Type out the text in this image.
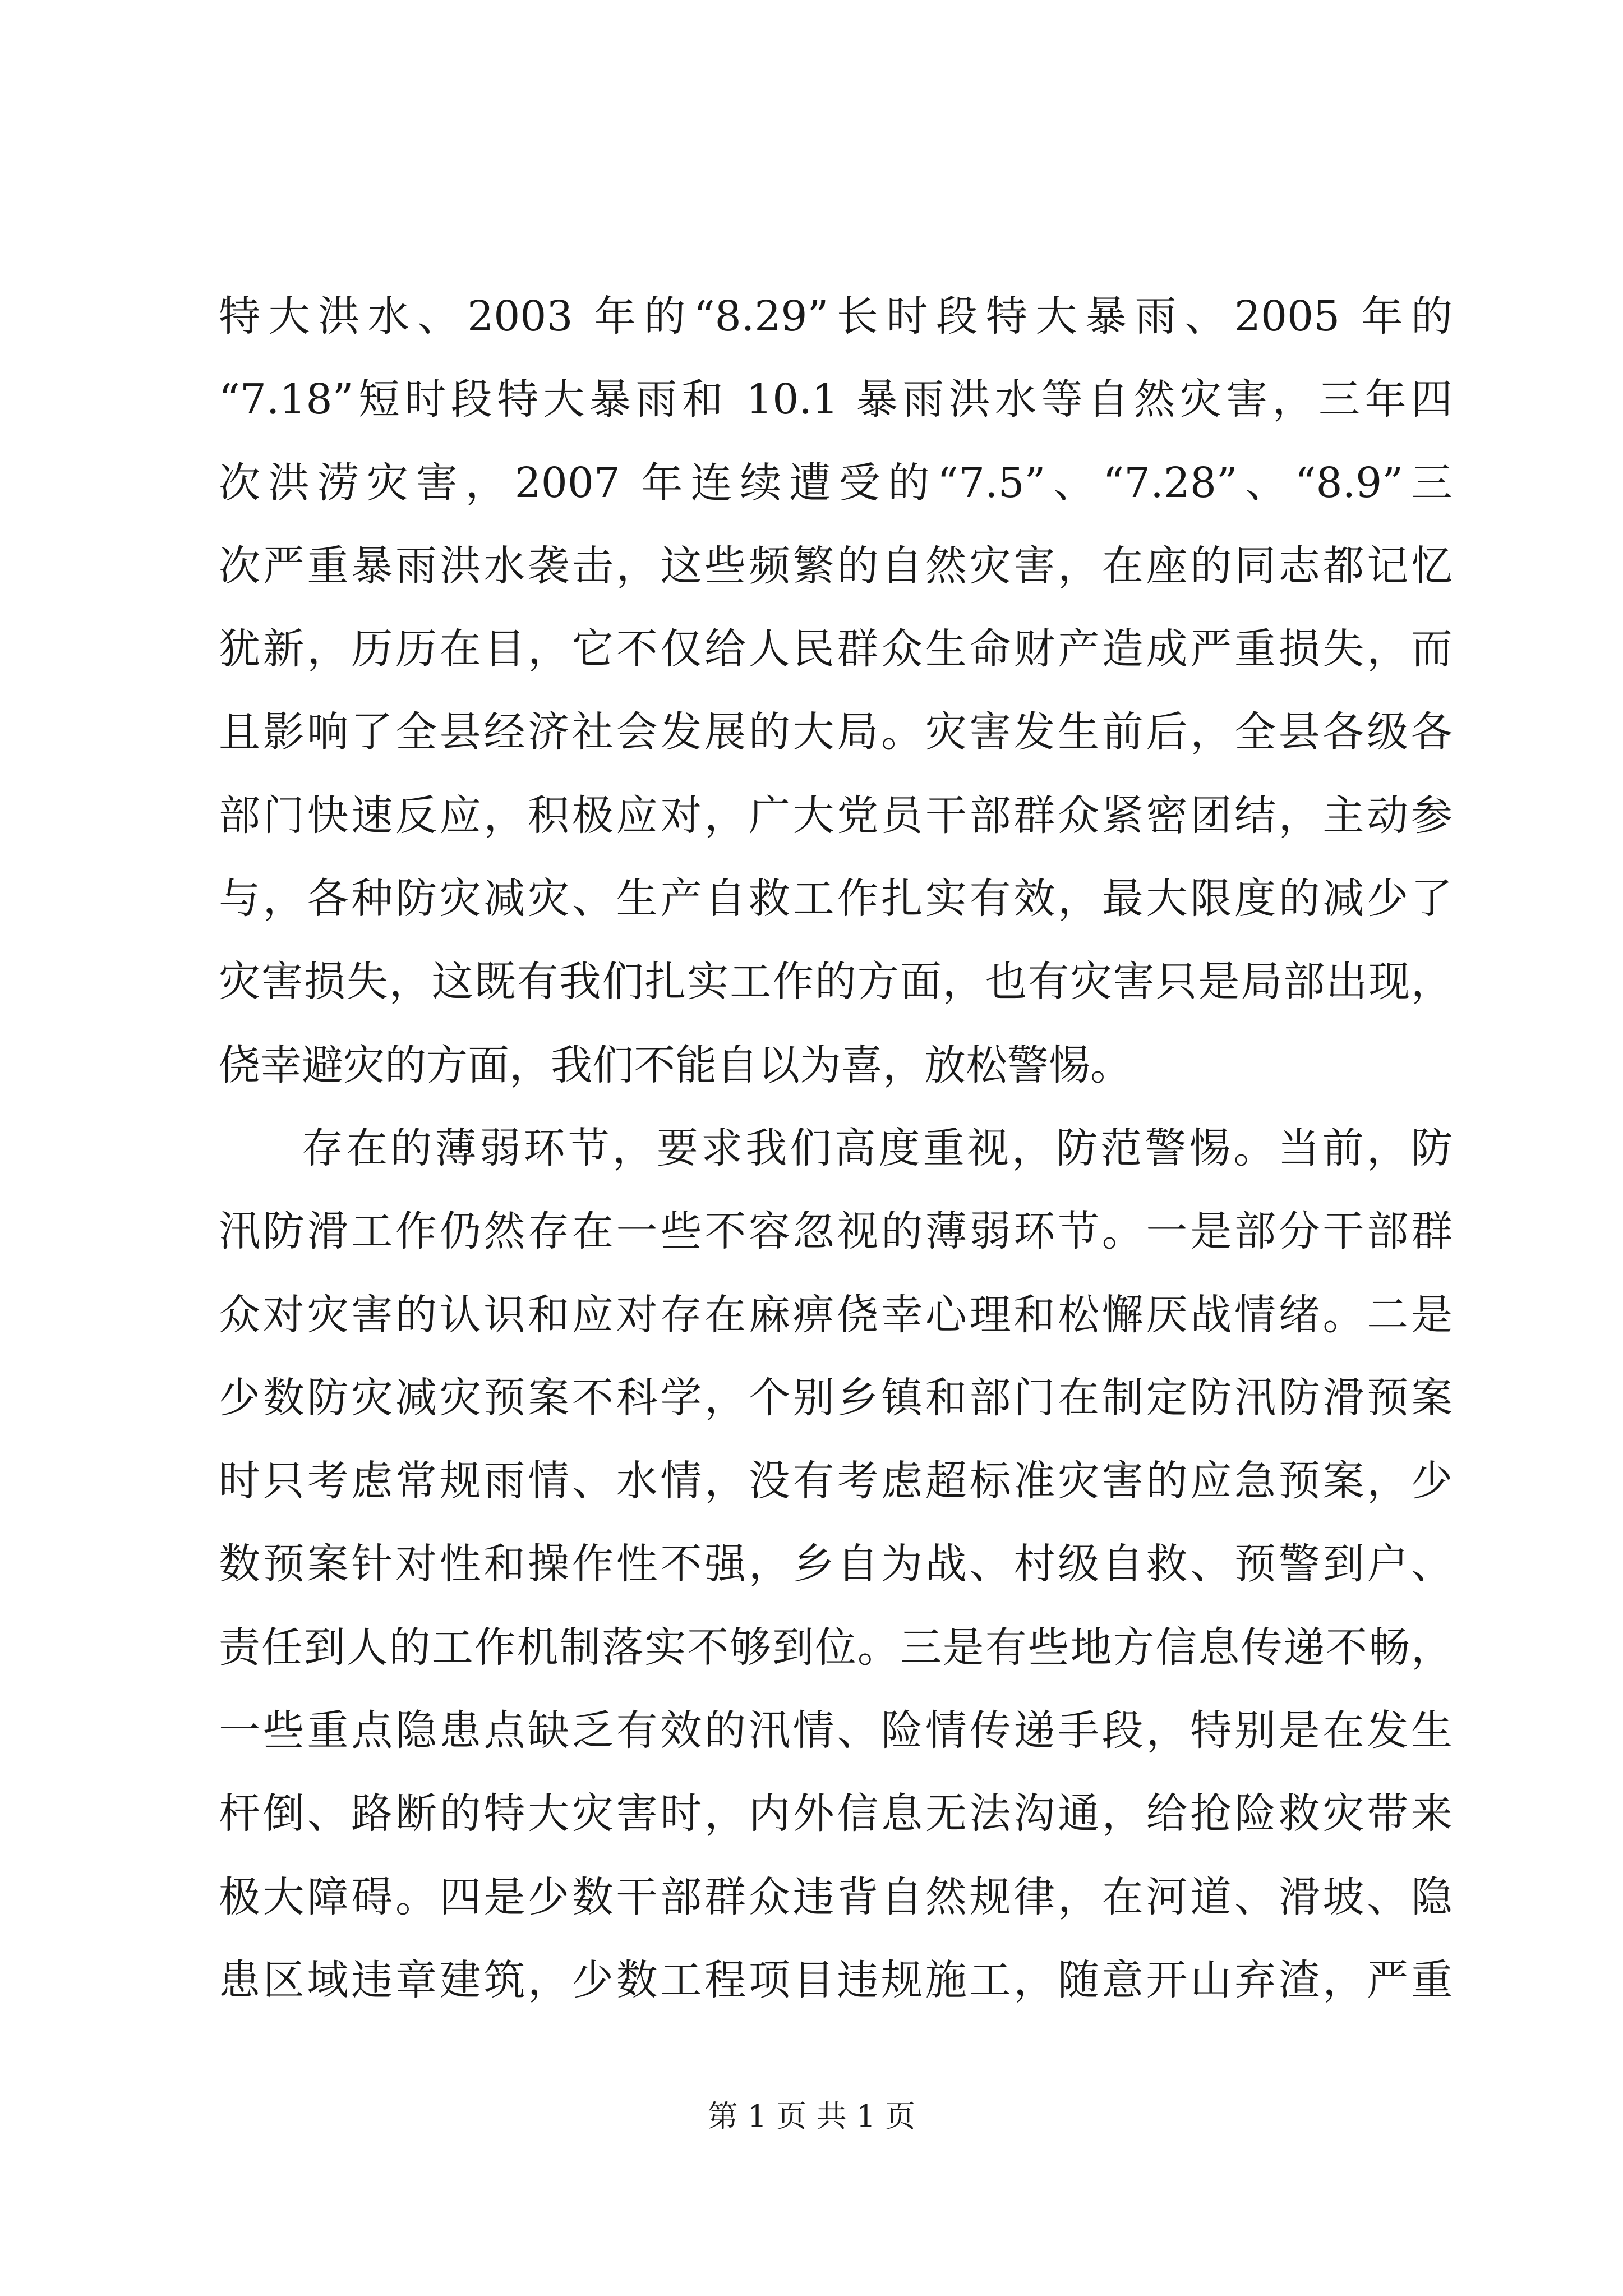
特大洪水、2003 年的“8.29”长时段特大暴雨、2005 年的
“7.18”短时段特大暴雨和 10.1 暴雨洪水等自然灾害，三年四
次洪涝灾害，2007 年连续遭受的“7.5”、“7.28”、“8.9”三
次严重暴雨洪水袭击，这些频繁的自然灾害，在座的同志都记忆
犹新，历历在目，它不仅给人民群众生命财产造成严重损失，而
且影响了全县经济社会发展的大局。灾害发生前后，全县各级各
部门快速反应，积极应对，广大党员干部群众紧密团结，主动参
与，各种防灾减灾、生产自救工作扎实有效，最大限度的减少了
灾害损失，这既有我们扎实工作的方面，也有灾害只是局部出现，
侥幸避灾的方面，我们不能自以为喜，放松警惕。
存在的薄弱环节，要求我们高度重视，防范警惕。当前，防
汛防滑工作仍然存在一些不容忽视的薄弱环节。一是部分干部群
众对灾害的认识和应对存在麻痹侥幸心理和松懈厌战情绪。二是
少数防灾减灾预案不科学，个别乡镇和部门在制定防汛防滑预案
时只考虑常规雨情、水情，没有考虑超标准灾害的应急预案，少
数预案针对性和操作性不强，乡自为战、村级自救、预警到户、
责任到人的工作机制落实不够到位。三是有些地方信息传递不畅，
一些重点隐患点缺乏有效的汛情、险情传递手段，特别是在发生
杆倒、路断的特大灾害时，内外信息无法沟通，给抢险救灾带来
极大障碍。四是少数干部群众违背自然规律，在河道、滑坡、隐
患区域违章建筑，少数工程项目违规施工，随意开山弃渣，严重
第 1 页 共 1 页
